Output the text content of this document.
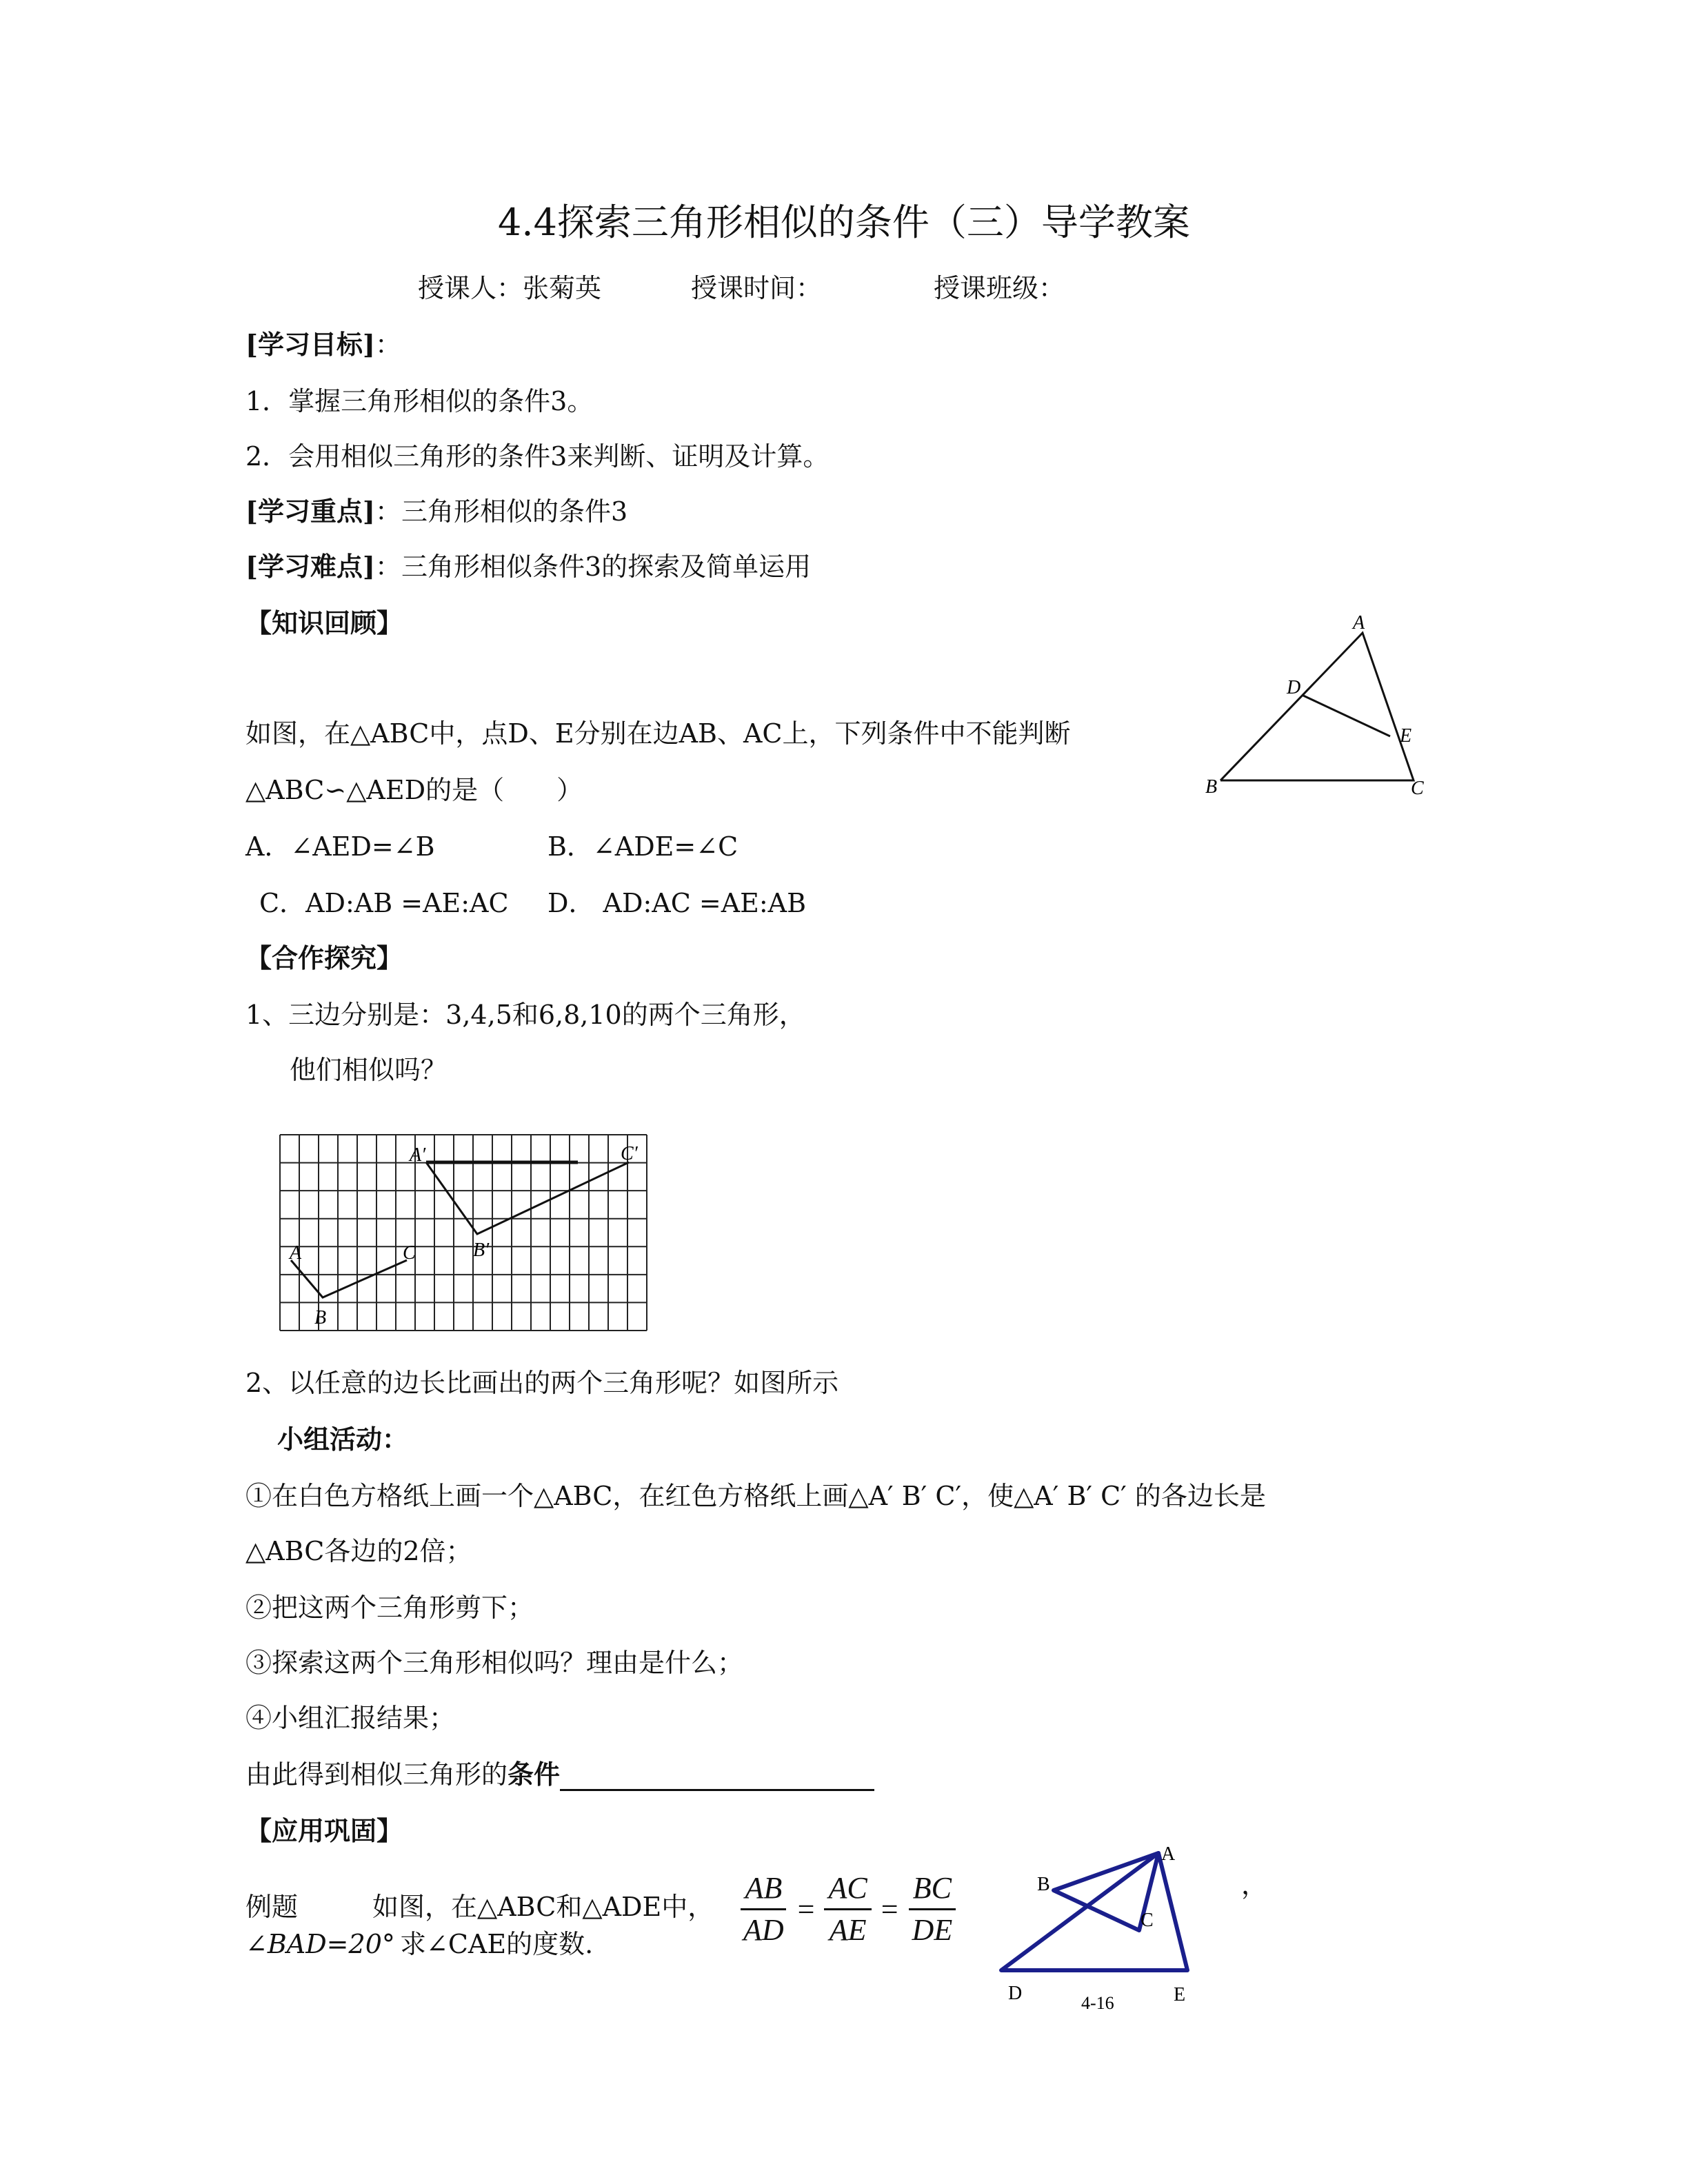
4.4探索三角形相似的条件（三）导学教案
授课人：张菊英	授课时间：	授课班级：
[学习目标]：
1．掌握三角形相似的条件3。
2．会用相似三角形的条件3来判断、证明及计算。
[学习重点]：三角形相似的条件3
[学习难点]：三角形相似条件3的探索及简单运用
【知识回顾】
如图，在△ABC中，点D、E分别在边AB、AC上，下列条件中不能判断
△ABC∽△AED的是（　　）
A．∠AED=∠B	B．∠ADE=∠C
C．AD:AB =AE:AC D． AD:AC =AE:AB
A
D
E
B	C
【合作探究】
1、三边分别是：3,4,5和6,8,10的两个三角形，
他们相似吗？
A
B
C
A′
B′
C′
2、以任意的边长比画出的两个三角形呢？如图所示
小组活动：
①在白色方格纸上画一个△ABC，在红色方格纸上画△A′ B′ C′，使△A′ B′ C′ 的各边长是
△ABC各边的2倍；
②把这两个三角形剪下；
③探索这两个三角形相似吗？理由是什么；
④小组汇报结果；
由此得到相似三角形的条件
【应用巩固】
例题	如图，在△ABC和△ADE中， $\frac{AB}{AD} = \frac{AC}{AE} = \frac{BC}{DE}$	，
∠BAD=20° 求∠CAE的度数.
A
B
C
D	E
4-16
